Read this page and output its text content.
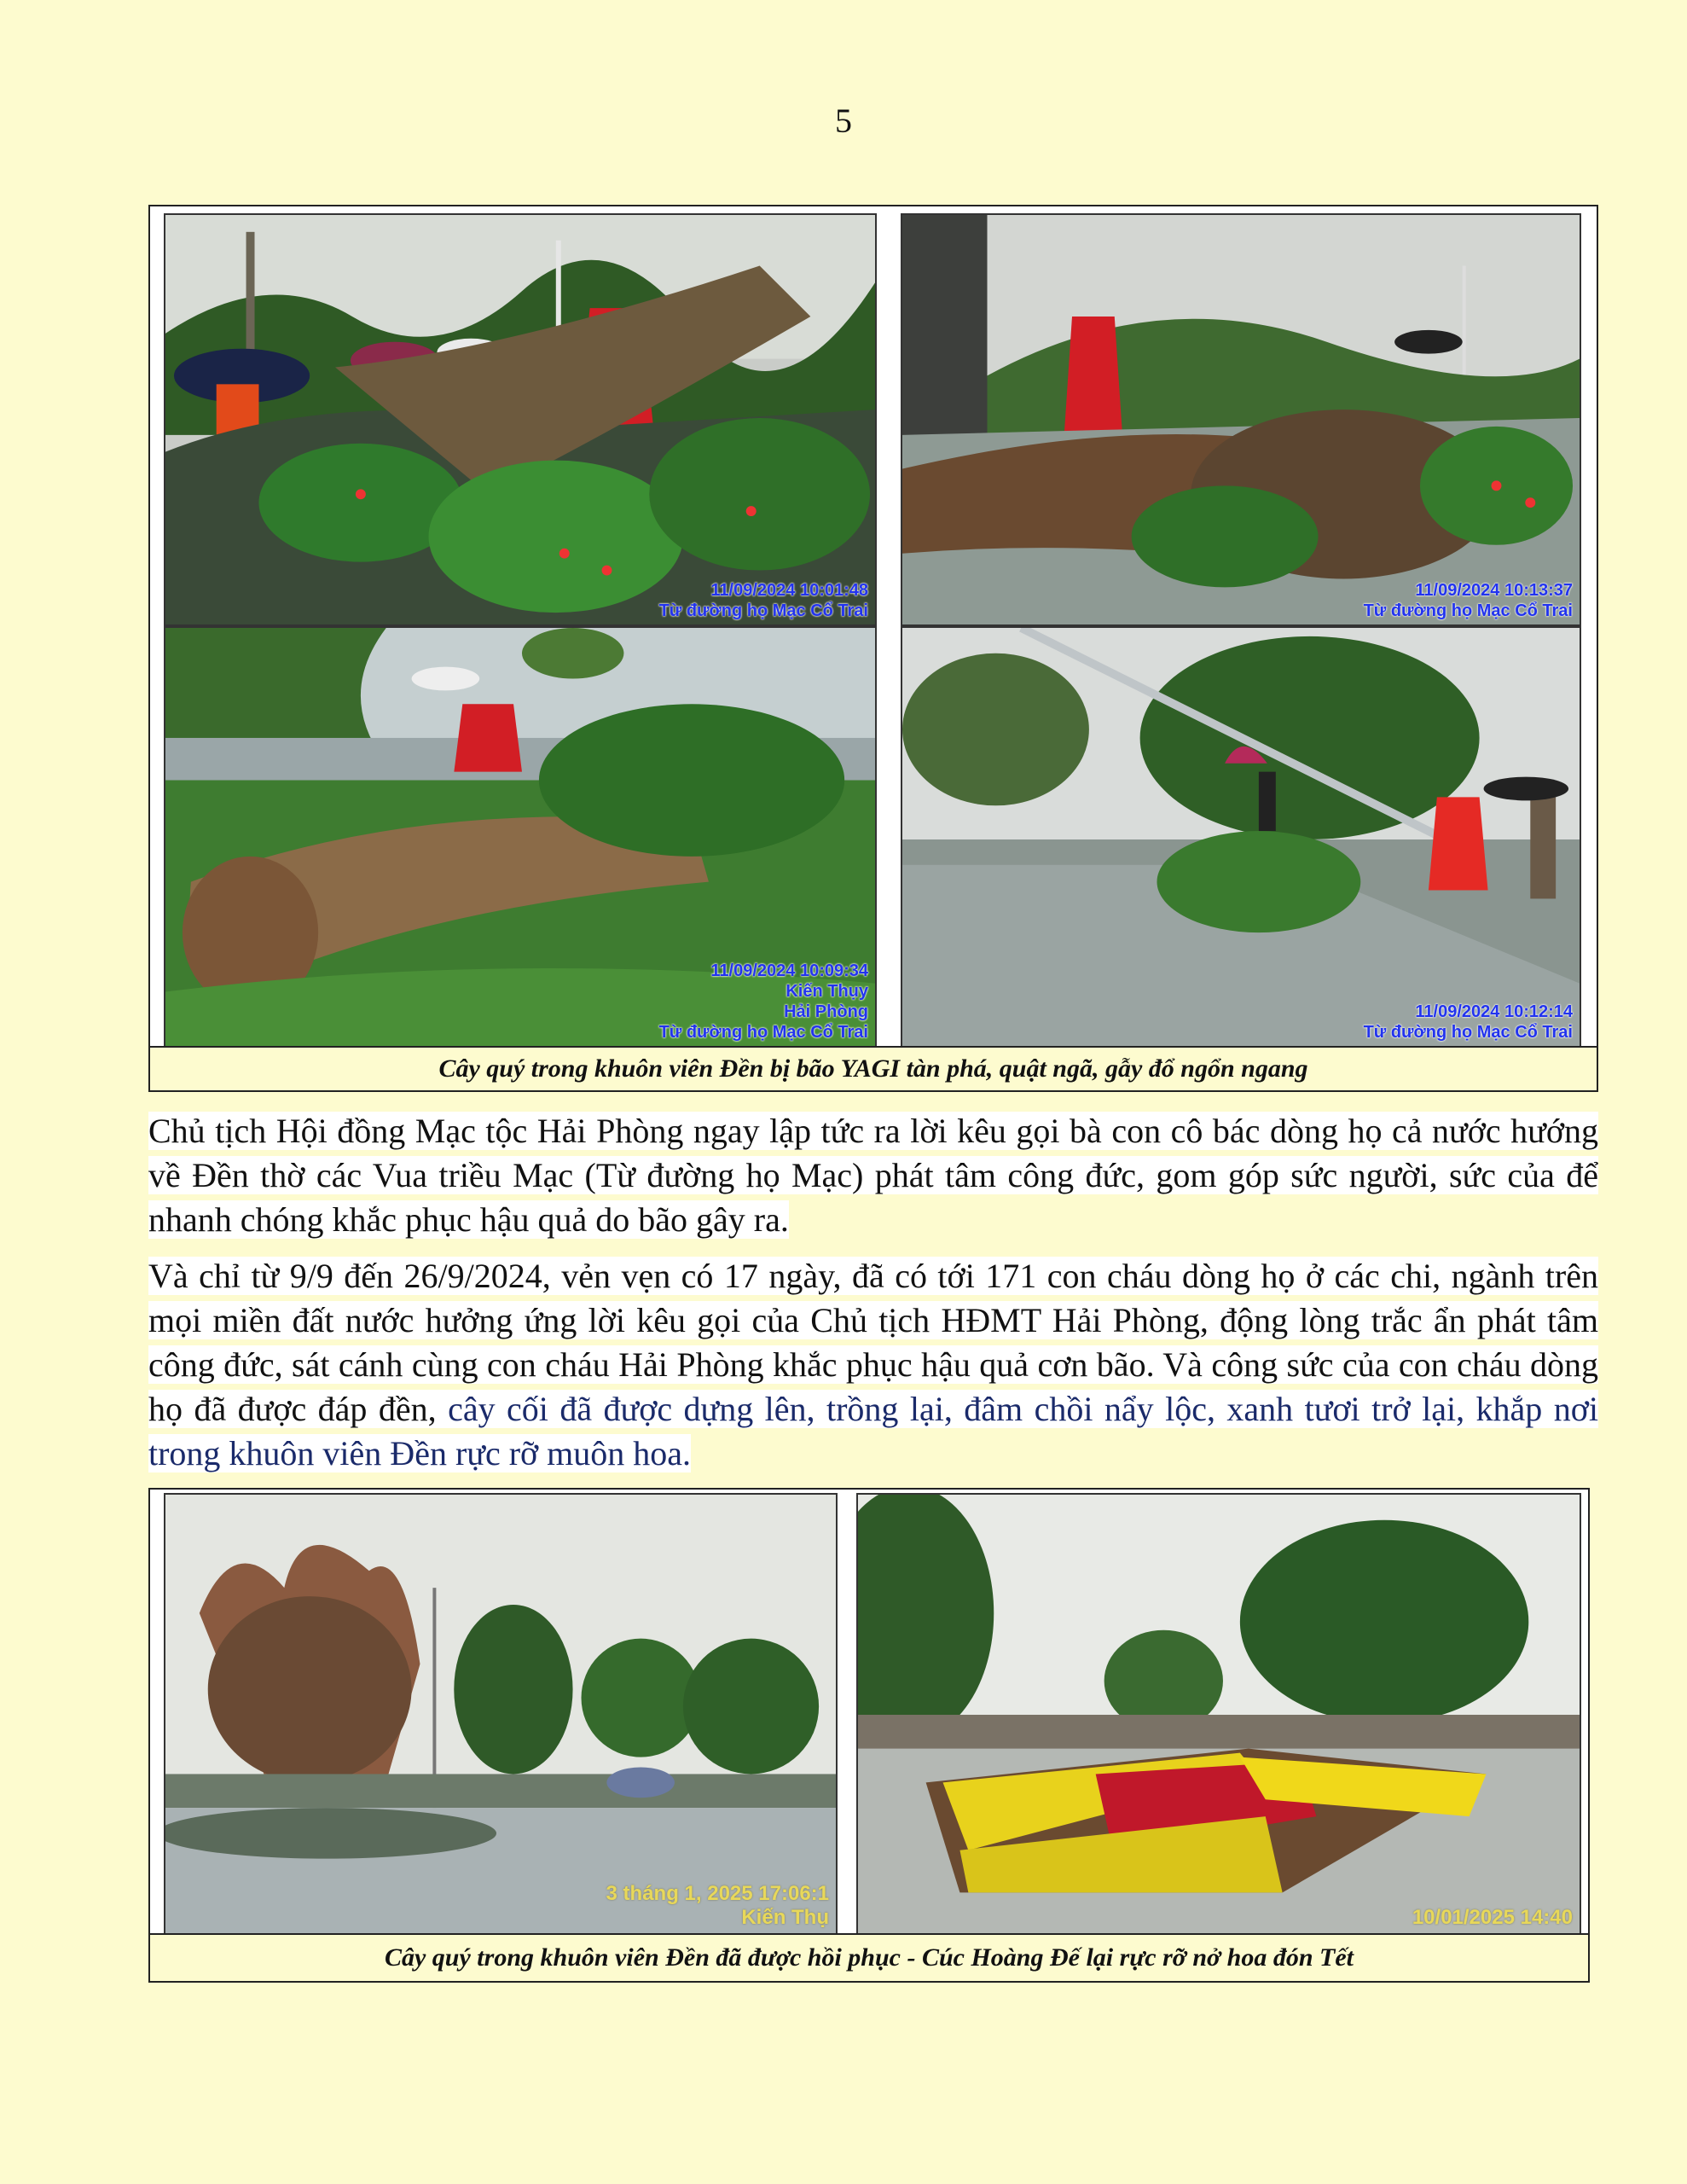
5
11/09/2024 10:01:48
Từ đường họ Mạc Cổ Trai
11/09/2024 10:13:37
Từ đường họ Mạc Cổ Trai
11/09/2024 10:09:34
Kiến Thụy
Hải Phòng
Từ đường họ Mạc Cổ Trai
11/09/2024 10:12:14
Từ đường họ Mạc Cổ Trai
Cây quý trong khuôn viên Đền bị bão YAGI tàn phá, quật ngã, gẫy đổ ngổn ngang

Chủ tịch Hội đồng Mạc tộc Hải Phòng ngay lập tức ra lời kêu gọi bà con cô bác dòng họ cả nước hướng về Đền thờ các Vua triều Mạc (Từ đường họ Mạc) phát tâm công đức, gom góp sức người, sức của để nhanh chóng khắc phục hậu quả do bão gây ra.

Và chỉ từ 9/9 đến 26/9/2024, vẻn vẹn có 17 ngày, đã có tới 171 con cháu dòng họ ở các chi, ngành trên mọi miền đất nước hưởng ứng lời kêu gọi của Chủ tịch HĐMT Hải Phòng, động lòng trắc ẩn phát tâm công đức, sát cánh cùng con cháu Hải Phòng khắc phục hậu quả cơn bão. Và công sức của con cháu dòng họ đã được đáp đền, cây cối đã được dựng lên, trồng lại, đâm chồi nẩy lộc, xanh tươi trở lại, khắp nơi trong khuôn viên Đền rực rỡ muôn hoa.

3 tháng 1, 2025 17:06:1
Kiến Thụ	10/01/2025 14:40
Cây quý trong khuôn viên Đền đã được hồi phục - Cúc Hoàng Đế lại rực rỡ nở hoa đón Tết
